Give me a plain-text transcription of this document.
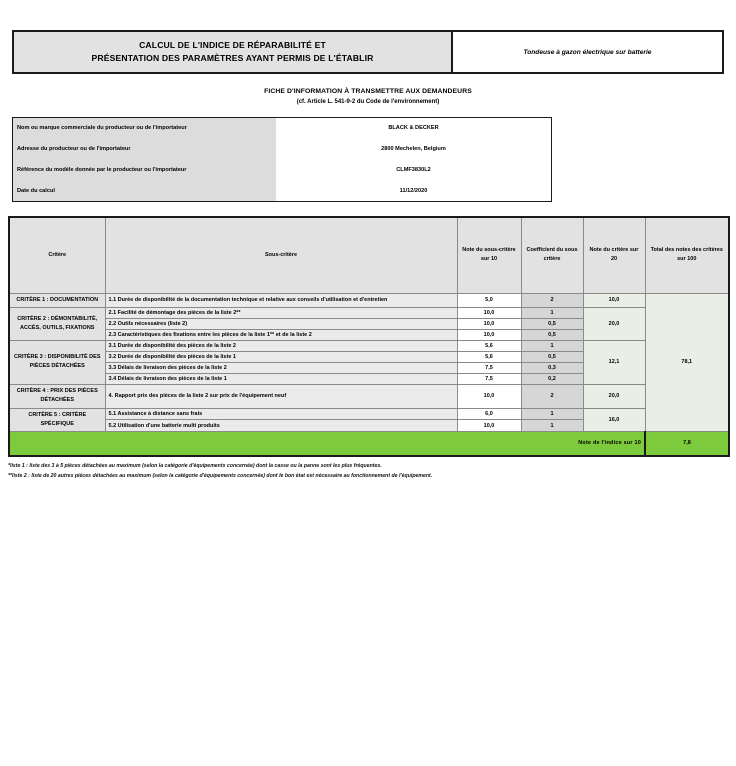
CALCUL DE L'INDICE DE RÉPARABILITÉ ET
PRÉSENTATION DES PARAMÈTRES AYANT PERMIS DE L'ÉTABLIR
Tondeuse à gazon électrique sur batterie
FICHE D'INFORMATION À TRANSMETTRE AUX DEMANDEURS
(cf. Article L. 541-9-2 du Code de l'environnement)
Nom ou marque commerciale du producteur ou de l'importateur	BLACK & DECKER
Adresse du producteur ou de l'importateur	2800 Mechelen, Belgium
Référence du modèle donnée par le producteur ou l'importateur	CLMF3830L2
Date du calcul	11/12/2020
Critère	Sous-critère	Note du sous-critère sur 10	Coefficient du sous critère	Note du critère sur 20	Total des notes des critères sur 100
CRITÈRE 1 : DOCUMENTATION	1.1 Durée de disponibilité de la documentation technique et relative aux conseils d'utilisation et d'entretien	5,0	2	10,0	78,1
CRITÈRE 2 : DÉMONTABILITÉ, ACCÈS, OUTILS, FIXATIONS	2.1 Facilité de démontage des pièces de la liste 2**	10,0	1	20,0	
	2.2 Outils nécessaires (liste 2)	10,0	0,5		
	2.3 Caractéristiques des fixations entre les pièces de la liste 1** et de la liste 2	10,0	0,5		
CRITÈRE 3 : DISPONIBILITÉ DES PIÈCES DÉTACHÉES	3.1 Durée de disponibilité des pièces de la liste 2	5,6	1	12,1	
	3.2 Durée de disponibilité des pièces de la liste 1	5,6	0,5		
	3.3 Délais de livraison des pièces de la liste 2	7,5	0,3		
	3.4 Délais de livraison des pièces de la liste 1	7,5	0,2		
CRITÈRE 4 : PRIX DES PIÈCES DÉTACHÉES	4. Rapport prix des pièces de la liste 2 sur prix de l'équipement neuf	10,0	2	20,0	
CRITÈRE 5 : CRITÈRE SPÉCIFIQUE	5.1 Assistance à distance sans frais	6,0	1	16,0	
	5.2 Utilisation d'une batterie multi produits	10,0	1		
Note de l'indice sur 10					7,8
*liste 1 : liste des 3 à 5 pièces détachées au maximum (selon la catégorie d'équipements concernée) dont la casse ou la panne sont les plus fréquentes.
**liste 2 : liste de 20 autres pièces détachées au maximum (selon la catégorie d'équipements concernée) dont le bon état est nécessaire au fonctionnement de l'équipement.
